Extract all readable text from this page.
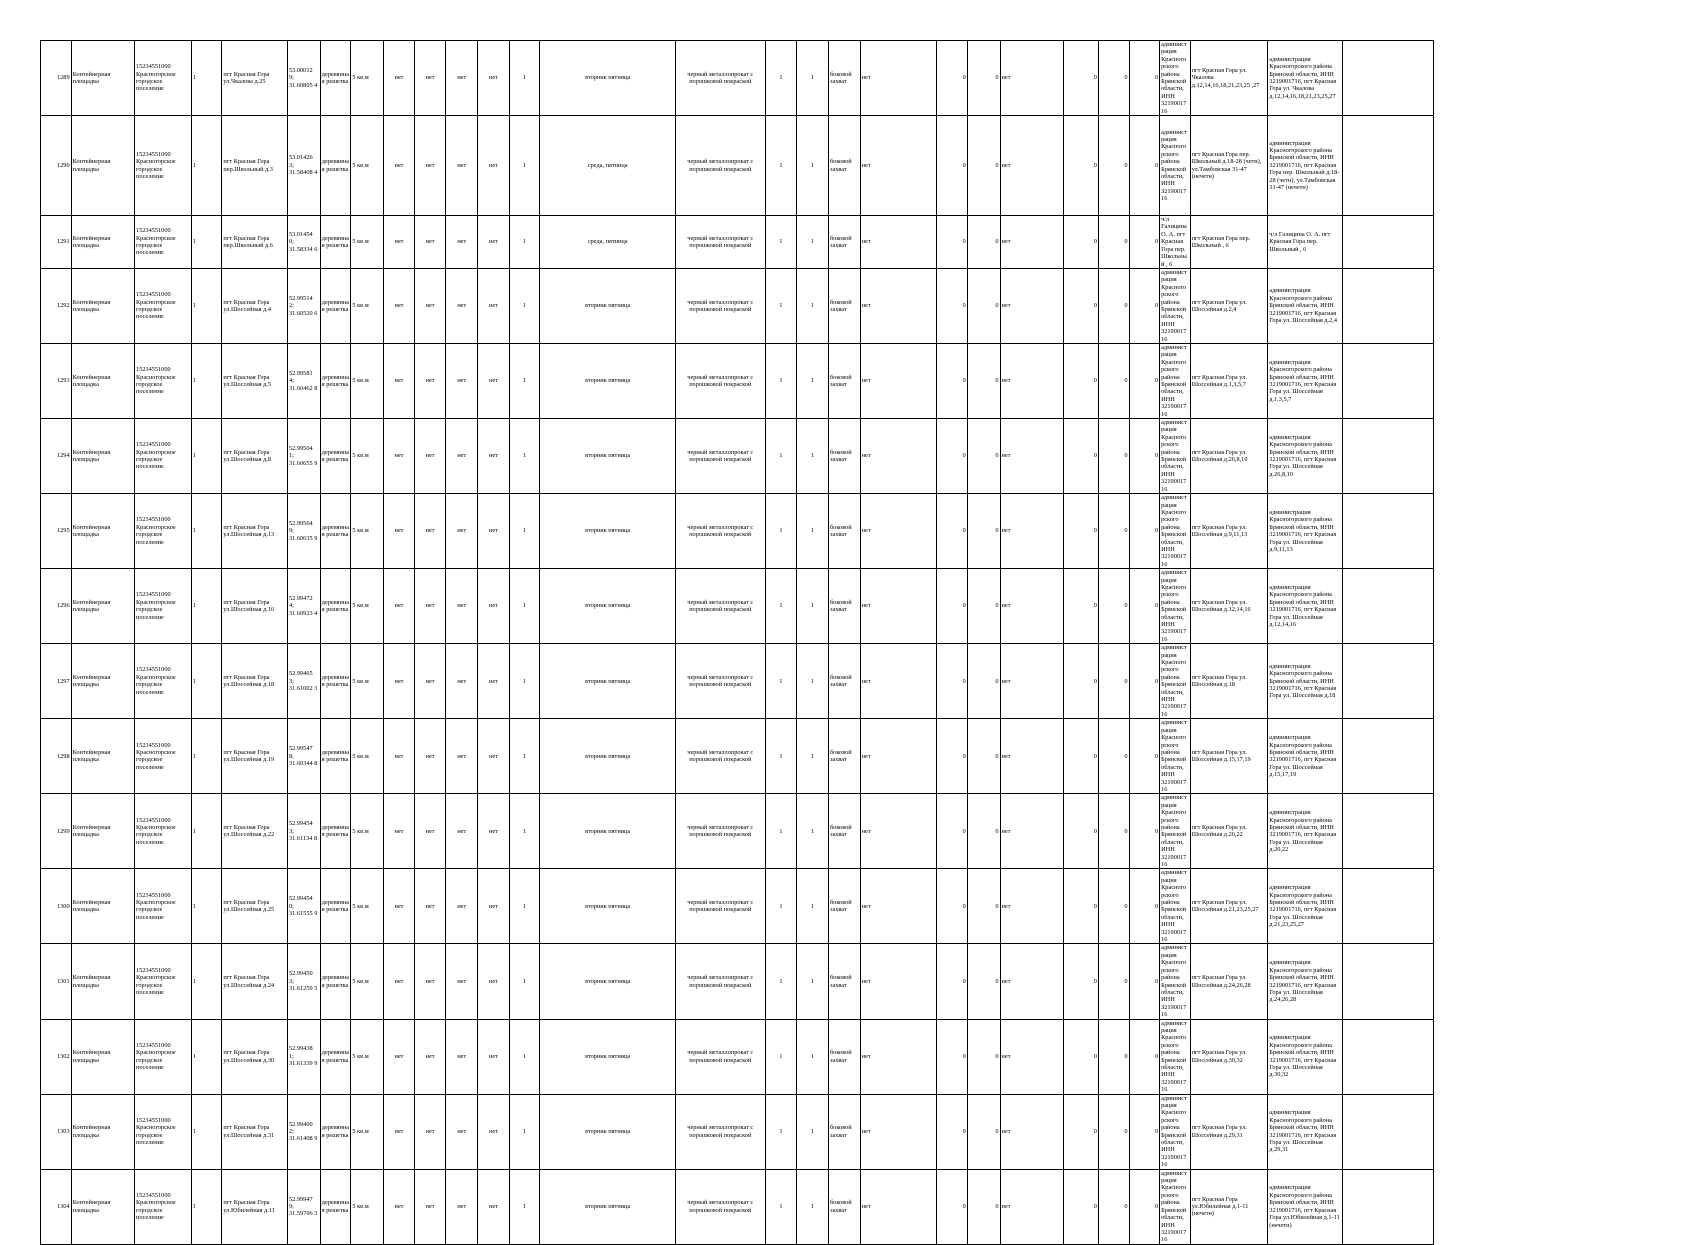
1289	Контейнерная площадка	15234551000 Красногорское городское поселение	1	пгт Красная Гора ул.Чкалова д.25	53.00012 9; 31.60805 4	деревянна я решетка	5 кв.м	нет	нет	нет	нет	1	вторник пятница	черный металлопрокат с порошковой покраской	1	1	боковой захват	нет	0	0	нет	0	0	0	администрация Красногорского района Брянской области, ИНН 3219001716	пгт Красная Гора ул. Чкалова д.12,14,16,18,21,23,25 ,27	администрация Красногорского района Брянской области, ИНН 3219001716, пгт Красная Гора ул. Чкалова д.12,14,16,18,21,23,25,27	
1290	Контейнерная площадка	15234551000 Красногорское городское поселение	1	пгт Красная Гора пер.Школьный д.3	53.01426 3; 31.58408 4	деревянна я решетка	5 кв.м	нет	нет	нет	нет	1	среда, пятница	черный металлопрокат с порошковой покраской	1	1	боковой захват	нет	0	0	нет	0	0	0	администрация Красногорского района Брянской области, ИНН 3219001716	пгт Красная Гора пер. Школьный д.18-28 (четн), ул.Тамбовская 31-47 (нечетн)	администрация Красногорского района Брянской области, ИНН 3219001716, пгт Красная Гора пер. Школьный д.18-28 (четн), ул.Тамбовская 31-47 (нечетн)	
1291	Контейнерная площадка	15234551000 Красногорское городское поселение	1	пгт Красная Гора пер.Школьный д.6	53.01454 0; 31.58334 6	деревянна я решетка	5 кв.м	нет	нет	нет	нет	1	среда, пятница	черный металлопрокат с порошковой покраской	1	1	боковой захват	нет	0	0	нет	0	0	0	ч/л Галицина О. А. пгт Красная Гора пер. Школьный , 6	пгт Красная Гора пер. Школьный , 6	ч/л Галицина О. А. пгт Красная Гора пер. Школьный , 6	
1292	Контейнерная площадка	15234551000 Красногорское городское поселение	1	пгт Красная Гора ул.Шоссейная д.4	52.99514 2; 31.60520 6	деревянна я решетка	5 кв.м	нет	нет	нет	нет	1	вторник пятница	черный металлопрокат с порошковой покраской	1	1	боковой захват	нет	0	0	нет	0	0	0	администрация Красногорского района Брянской области, ИНН 3219001716	пгт Красная Гора ул. Шоссейная д.2,4	администрация Красногорского района Брянской области, ИНН 3219001716, пгт Красная Гора ул. Шоссейная д.2,4	
1293	Контейнерная площадка	15234551000 Красногорское городское поселение	1	пгт Красная Гора ул.Шоссейная д.5	52.99581 4; 31.60462 8	деревянна я решетка	5 кв.м	нет	нет	нет	нет	1	вторник пятница	черный металлопрокат с порошковой покраской	1	1	боковой захват	нет	0	0	нет	0	0	0	администрация Красногорского района Брянской области, ИНН 3219001716	пгт Красная Гора ул. Шоссейная д.1,3,5,7	администрация Красногорского района Брянской области, ИНН 3219001716, пгт Красная Гора ул. Шоссейная д.1,3,5,7	
1294	Контейнерная площадка	15234551000 Красногорское городское поселение	1	пгт Красная Гора ул.Шоссейная д.8	52.99504 1; 31.60655 9	деревянна я решетка	5 кв.м	нет	нет	нет	нет	1	вторник пятница	черный металлопрокат с порошковой покраской	1	1	боковой захват	нет	0	0	нет	0	0	0	администрация Красногорского района Брянской области, ИНН 3219001716	пгт Красная Гора ул. Шоссейная д.26,8,10	администрация Красногорского района Брянской области, ИНН 3219001716, пгт Красная Гора ул. Шоссейная д.26,8,10	
1295	Контейнерная площадка	15234551000 Красногорское городское поселение	1	пгт Красная Гора ул.Шоссейная д.13	52.99564 9; 31.60635 9	деревянна я решетка	5 кв.м	нет	нет	нет	нет	1	вторник пятница	черный металлопрокат с порошковой покраской	1	1	боковой захват	нет	0	0	нет	0	0	0	администрация Красногорского района Брянской области, ИНН 3219001716	пгт Красная Гора ул. Шоссейная д.9,11,13	администрация Красногорского района Брянской области, ИНН 3219001716, пгт Красная Гора ул. Шоссейная д.9,11,13	
1296	Контейнерная площадка	15234551000 Красногорское городское поселение	1	пгт Красная Гора ул.Шоссейная д.16	52.99472 4; 31.60923 4	деревянна я решетка	5 кв.м	нет	нет	нет	нет	1	вторник пятница	черный металлопрокат с порошковой покраской	1	1	боковой захват	нет	0	0	нет	0	0	0	администрация Красногорского района Брянской области, ИНН 3219001716	пгт Красная Гора ул. Шоссейная д.12,14,16	администрация Красногорского района Брянской области, ИНН 3219001716, пгт Красная Гора ул. Шоссейная д.12,14,16	
1297	Контейнерная площадка	15234551000 Красногорское городское поселение	1	пгт Красная Гора ул.Шоссейная д.18	52.99465 3; 31.61002 3	деревянна я решетка	5 кв.м	нет	нет	нет	нет	1	вторник пятница	черный металлопрокат с порошковой покраской	1	1	боковой захват	нет	0	0	нет	0	0	0	администрация Красногорского района Брянской области, ИНН 3219001716	пгт Красная Гора ул. Шоссейная д.18	администрация Красногорского района Брянской области, ИНН 3219001716, пгт Красная Гора ул. Шоссейная д.18	
1298	Контейнерная площадка	15234551000 Красногорское городское поселение	1	пгт Красная Гора ул.Шоссейная д.19	52.99547 8; 31.60344 8	деревянна я решетка	5 кв.м	нет	нет	нет	нет	1	вторник пятница	черный металлопрокат с порошковой покраской	1	1	боковой захват	нет	0	0	нет	0	0	0	администрация Красногорского района Брянской области, ИНН 3219001716	пгт Красная Гора ул. Шоссейная д.15,17,19	администрация Красногорского района Брянской области, ИНН 3219001716, пгт Красная Гора ул. Шоссейная д.15,17,19	
1299	Контейнерная площадка	15234551000 Красногорское городское поселение	1	пгт Красная Гора ул.Шоссейная д.22	52.99454 3; 31.61134 8	деревянна я решетка	5 кв.м	нет	нет	нет	нет	1	вторник пятница	черный металлопрокат с порошковой покраской	1	1	боковой захват	нет	0	0	нет	0	0	0	администрация Красногорского района Брянской области, ИНН 3219001716	пгт Красная Гора ул. Шоссейная д.20,22	администрация Красногорского района Брянской области, ИНН 3219001716, пгт Красная Гора ул. Шоссейная д.20,22	
1300	Контейнерная площадка	15234551000 Красногорское городское поселение	1	пгт Красная Гора ул.Шоссейная д.25	52.99454 0; 31.61555 9	деревянна я решетка	5 кв.м	нет	нет	нет	нет	1	вторник пятница	черный металлопрокат с порошковой покраской	1	1	боковой захват	нет	0	0	нет	0	0	0	администрация Красногорского района Брянской области, ИНН 3219001716	пгт Красная Гора ул. Шоссейная д.21,23,25,27	администрация Красногорского района Брянской области, ИНН 3219001716, пгт Красная Гора ул. Шоссейная д.21,23,25,27	
1301	Контейнерная площадка	15234551000 Красногорское городское поселение	1	пгт Красная Гора ул.Шоссейная д.24	52.99450 3; 31.61259 5	деревянна я решетка	5 кв.м	нет	нет	нет	нет	1	вторник пятница	черный металлопрокат с порошковой покраской	1	1	боковой захват	нет	0	0	нет	0	0	0	администрация Красногорского района Брянской области, ИНН 3219001716	пгт Красная Гора ул. Шоссейная д.24,26,28	администрация Красногорского района Брянской области, ИНН 3219001716, пгт Красная Гора ул. Шоссейная д.24,26,28	
1302	Контейнерная площадка	15234551000 Красногорское городское поселение	1	пгт Красная Гора ул.Шоссейная д.30	52.99438 1; 31.61339 9	деревянна я решетка	5 кв.м	нет	нет	нет	нет	1	вторник пятница	черный металлопрокат с порошковой покраской	1	1	боковой захват	нет	0	0	нет	0	0	0	администрация Красногорского района Брянской области, ИНН 3219001716	пгт Красная Гора ул. Шоссейная д.30,32	администрация Красногорского района Брянской области, ИНН 3219001716, пгт Красная Гора ул. Шоссейная д.30,32	
1303	Контейнерная площадка	15234551000 Красногорское городское поселение	1	пгт Красная Гора ул.Шоссейная д.31	52.99400 2; 31.61408 9	деревянна я решетка	5 кв.м	нет	нет	нет	нет	1	вторник пятница	черный металлопрокат с порошковой покраской	1	1	боковой захват	нет	0	0	нет	0	0	0	администрация Красногорского района Брянской области, ИНН 3219001716	пгт Красная Гора ул. Шоссейная д.29,31	администрация Красногорского района Брянской области, ИНН 3219001716, пгт Красная Гора ул. Шоссейная д.29,31	
1304	Контейнерная площадка	15234551000 Красногорское городское поселение	1	пгт Красная Гора ул.Юбилейная д.11	52.99947 9; 31.59706 3	деревянна я решетка	5 кв.м	нет	нет	нет	нет	1	вторник пятница	черный металлопрокат с порошковой покраской	1	1	боковой захват	нет	0	0	нет	0	0	0	администрация Красногорского района Брянской области, ИНН 3219001716	пгт Красная Гора ул.Юбилейная д.1-11 (нечетн)	администрация Красногорского района Брянской области, ИНН 3219001716, пгт Красная Гора ул.Юбилейная д.1-11 (нечетн)	
